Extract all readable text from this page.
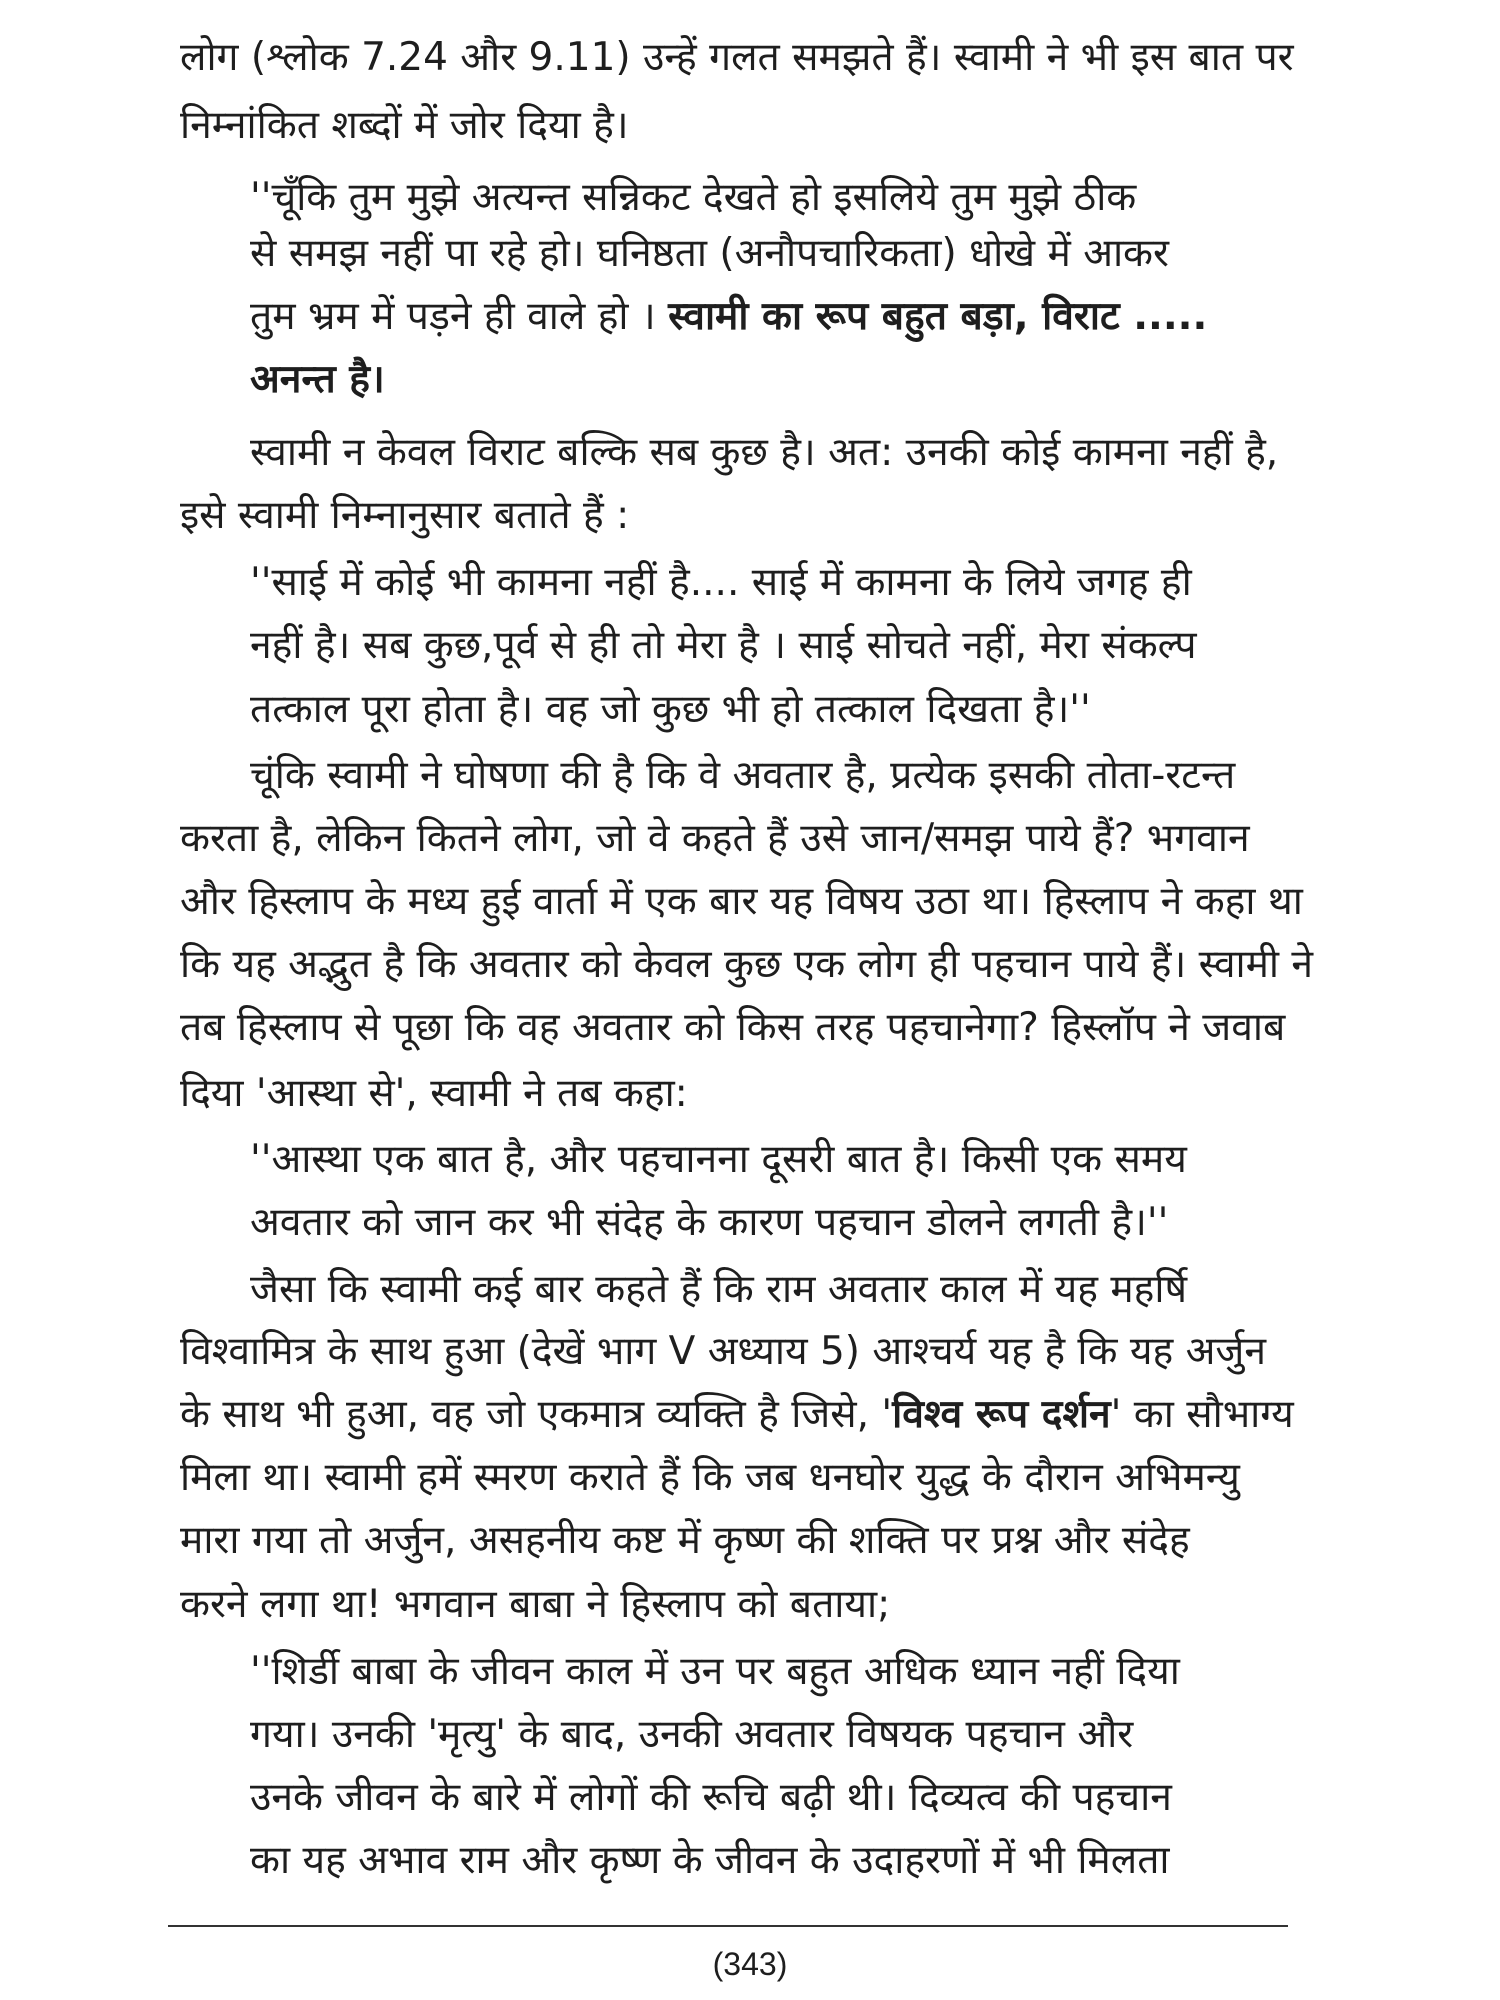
लोग (श्लोक 7.24 और 9.11) उन्हें गलत समझते हैं। स्वामी ने भी इस बात पर
निम्नांकित शब्दों में जोर दिया है।
''चूँकि तुम मुझे अत्यन्त सन्निकट देखते हो इसलिये तुम मुझे ठीक
से समझ नहीं पा रहे हो। घनिष्ठता (अनौपचारिकता) धोखे में आकर
तुम भ्रम में पड़ने ही वाले हो । स्वामी का रूप बहुत बड़ा, विराट .....
अनन्त है।
स्वामी न केवल विराट बल्कि सब कुछ है। अत: उनकी कोई कामना नहीं है,
इसे स्वामी निम्नानुसार बताते हैं :
''साई में कोई भी कामना नहीं है.... साई में कामना के लिये जगह ही
नहीं है। सब कुछ,पूर्व से ही तो मेरा है । साई सोचते नहीं, मेरा संकल्प
तत्काल पूरा होता है। वह जो कुछ भी हो तत्काल दिखता है।''
चूंकि स्वामी ने घोषणा की है कि वे अवतार है, प्रत्येक इसकी तोता-रटन्त
करता है, लेकिन कितने लोग, जो वे कहते हैं उसे जान/समझ पाये हैं? भगवान
और हिस्लाप के मध्य हुई वार्ता में एक बार यह विषय उठा था। हिस्लाप ने कहा था
कि यह अद्भुत है कि अवतार को केवल कुछ एक लोग ही पहचान पाये हैं। स्वामी ने
तब हिस्लाप से पूछा कि वह अवतार को किस तरह पहचानेगा? हिस्लॉप ने जवाब
दिया 'आस्था से', स्वामी ने तब कहा:
''आस्था एक बात है, और पहचानना दूसरी बात है। किसी एक समय
अवतार को जान कर भी संदेह के कारण पहचान डोलने लगती है।''
जैसा कि स्वामी कई बार कहते हैं कि राम अवतार काल में यह महर्षि
विश्वामित्र के साथ हुआ (देखें भाग V अध्याय 5) आश्चर्य यह है कि यह अर्जुन
के साथ भी हुआ, वह जो एकमात्र व्यक्ति है जिसे, 'विश्व रूप दर्शन' का सौभाग्य
मिला था। स्वामी हमें स्मरण कराते हैं कि जब धनघोर युद्ध के दौरान अभिमन्यु
मारा गया तो अर्जुन, असहनीय कष्ट में कृष्ण की शक्ति पर प्रश्न और संदेह
करने लगा था! भगवान बाबा ने हिस्लाप को बताया;
''शिर्डी बाबा के जीवन काल में उन पर बहुत अधिक ध्यान नहीं दिया
गया। उनकी 'मृत्यु' के बाद, उनकी अवतार विषयक पहचान और
उनके जीवन के बारे में लोगों की रूचि बढ़ी थी। दिव्यत्व की पहचान
का यह अभाव राम और कृष्ण के जीवन के उदाहरणों में भी मिलता
(343)
